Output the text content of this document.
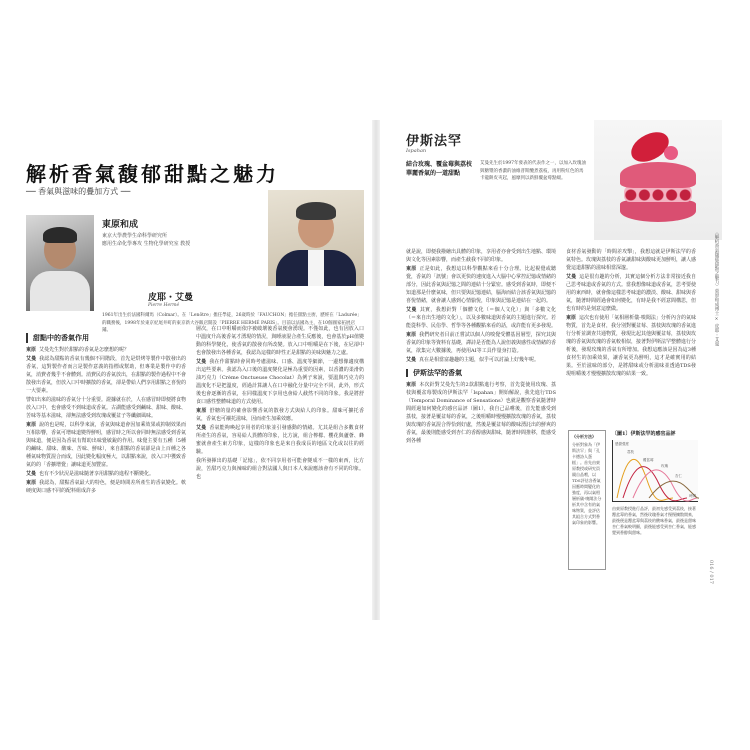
解析香氣馥郁甜點之魅力
── 香氣與滋味的疊加方式 ──
東原和成
東京大學農學生命科學研究所
應用生命化學專攻 生物化學研究室 教授
皮耶・艾曼
Pierre Hermé
1961年出生於法國科爾馬（Colmar）。在「Lenôtre」擔任學徒，26歲時於「FAUCHON」擔任甜點主廚，歷經在「Ladurée」的職務後，1998年於東京紀尾井町的東京新大谷飯店開設「PIERRE HERMÉ PARIS」。目前以法國為主，在10個國家拓展店鋪。
甜點中的香氣作用
東原 艾曼先生對於甜點的香氣是怎麼想的呢？
艾曼 我認為甜點的香氣有幾個不同階段，首先是烘烤等製作中散發出的香氣，這對製作者而言是製作意義的指標或幫助，但專業是製作中的香氣，消費者幾乎不會體到。消費民的香氣放出，在甜點的製作過程中不會散發出香氣，但放入口中時擴散的香氣，卻是帶給人們享用甜點之喜悅的一大要素。
譬如出來的滋味的香氣分十分重要。證據就在於，人在感冒時即便將食物放入口中，也會感受不到味道或香氣。古湖能感受到鹹味、甜味、酸味、苦味等基本滋味，卻無法感受到玫瑰或覆盆子等纖細風味。
東原 說的也是呢，以科學來說，香氣與味道會因加乘效果或抑制效果而互相影響，香氣可增味道變得鮮明，感冒時之所以會同時無法感受到香氣與味道，便是因為香氣有幫助出味覺敏銳的作用。味覺主要有五種（5種的鹹味、甜味、酸味、苦味、鮮味），來自甜點的香氣卻是由上百種之各種氣味物質混合而成，因此變化幅度極大，以甜點來說，放入口中獲致香氣的的「香擴增覺」讓味道更加豐富。
艾曼 也有不少狀況是滋味隨著享用甜點的進程不斷變化。
東原 我認為，甜點香氣最大的特色，便是時間差所產生的香氣變化。軟硬度與口感不同的配料組成許多
層次，在口中咀嚼而依序被破壞後香氣便會湧現。不僅如此，也有因放入口中溫度升高後香氣才湧現的情況，與睡液混合產生反應後，也會基於pH值變動的科學變化，使香氣的散發有所改變。放入口中咀嚼是在下後，在尼卻中也會散發出各種香氣，我認為這樣的時性正是甜點的美味與魅力之處。
艾曼 我在作甜點時會同時考慮滋味、口感、溫度等細節，一邊想像適度構出這些要素。我認為入口後的溫度變化是極為重要的因素，以香濃的柔滑奶油巧克力（Crème Onctueuse Chocolat）為例子來說，要溫與巧克力的溫度化不是把溫度，經過計算讓人在口中融化分量中完全不同，此外，形式後也會逐漸的香氣，在同樣溫度下享用也會給人截然不同的印象。我是將舒食口感性整體味道的方式使用。
東原 舒糖的量的確會影響香氣的散發方式與給人的印象。甜味可擴托香氣，香氣也可襯托滋味，因而產生加乘效應。
艾曼 香氣能夠喚起享用者的印象並引發感動的情緒。尤其是組合多數食材所產生的香氣，容易給人異體的印象，比方說，組合檸檬、櫻花與蘆薈、蜂蜜就會產生東方印象，這樣的印象也是來自我成長的地區文化或以往的經驗。
我所發揮出的基礎「記憶」，依不同享用者可能會變成不一樣的東西，比方說，苦甜巧克力與辣味的組合對法國人與日本人來說應該會有不同的印象。也
伊斯法罕
Ispahan
結合玫瑰、覆盆莓與荔枝
華麗香氣的一道甜點
艾曼先生於1997年發表的代表作之一，以加入玫瑰油與糖漿的香濃的油維普斯醃煮荔枝，再用粉紅色的馬卡龍餅皮夾起，風靡到以新鮮覆盆莓點綴。
就是說，即便我撥繪出具體的印象，享用者亦會受到出生地點、環境與文化等因素影響，而產生截我不同的印象。
東原 正是如此，我想這以科學觀點來看十分合理。比起視覺或聽覺，香氣的「訊號」會以更快的速度進入大腦中心掌控記憶或情緒的部分，因此香氣與記憶之間的連結十分緊密。感受到香氣時，即便不知道那是什麼氣味，但只要與記憶連結，腦海而結合該香氣與記憶的喜悅情緒，就會讓人感到心情愉悅，印象與記憶是連結在一起的。
艾曼 其實，我想針對「個體文化（＝個人文化）」與「多數文化（＝來自出生地的文化）」，以及多數味道與香氣的主題進行探究。若能從科學、民俗學、哲學等各種觀點來看的話，或許能有更多發現。
東原 我們研究者目前正嘗試以個人的嗅覺受體基因層型，探究其與香氣的印象等資料有基礎，譯詩是否能為人說但義與感性或情緒的香氣，欲集完大數據後，再使用AI等工具作量身打造。
艾曼 真在是相當富趣趣的主題，似乎可以討論上好幾年呢。
伊斯法罕的香氣
東原 本次針對艾曼先生的2款甜點進行考察，首先從使用玫瑰、荔枝與覆盆莓製成的伊斯法罕「Ispahan」開始解說，我先進行TDS（Temporal Dominance of Sensations）也就是觀察香氣隨著時間經過如何變化的感官品評（圖1），我自己品嚐後，首先能感受到荔枝，接著是覆盆莓的香氣，之後咀嚼時慢慢擴散玫瑰的香氣，荔枝與玫瑰的香氣混合得恰到好處，然後是覆盆莓的酸味湧託出的鮮爽的香氣，最後則能感受到杏仁的香醇感與甜味，隨著時間推移，能感受到各種
食材香氣發動的「時間差攻擊」，我想這就是伊斯法罕的香氣特色。玫瑰與荔枝的香氣讓甜味與酸味更加鮮明，讓人感覺這道甜點的滋味相當深邃。
艾曼 這是很有趣的分析，其實這個分析方法非常接近我自己思考味道或香氣的方式。當我想像味道或香氣，思考要使用的東西時，就會像這樣思考味道的濃淡、酸味、甜味與香氣，隨著時間經過會如何變化，有時是我不經意間構思，但也有時的是刻意這麼做。
東原 這次也有使用「氣相層析儀-嗅聞法」分析內含的氣味物質，首先是食材，我分別對覆盆莓、荔枝與玫瑰的香氣進行分析並調查共通物質，發現比起其他與覆盆莓，荔枝與玫瑰的香氣與玫瑰的香氣較相似，接著對伊斯法罕整體進行分析後，發現玫瑰的香氣有所增加。我想這應該是因為這3種食材生的加乘效果，讓香氣更為鮮明，這才是確實用的結果。至於滋味的部分，是將甜味或分析滋味並透過TDS發現咀嚼後才慢慢擴散玫瑰的結果一致。
《分析方法》
分析對象為「伊斯法罕」與「孔卡德詩人蛋糕」。首先由東原教授或研究員親自品嚐，以TDS評估各香氣因應時間變化的強度，再以氣相層析儀-嗅聞法分析其中含有的氣味物質，並評估其組合方式對香氣印象的影響。
〔圖1〕伊斯法罕的感官品評
感覺強度
時間
荔枝
覆盆莓
玫瑰
杏仁
由東原教授進行品評，最初先感受到荔枝，接著覆盆莓的香氣，然後玫瑰香氣才慢慢擴散開來，最後便是覆盆莓與荔枝的酸味香氣，最後是甜味杏仁香氣較明顯，最後能感受到杏仁香氣，能感覺到香醇與甜味。
〈解析香氣馥郁甜點之魅力〉東原和成博士 × 皮耶・艾曼
016 / 017
